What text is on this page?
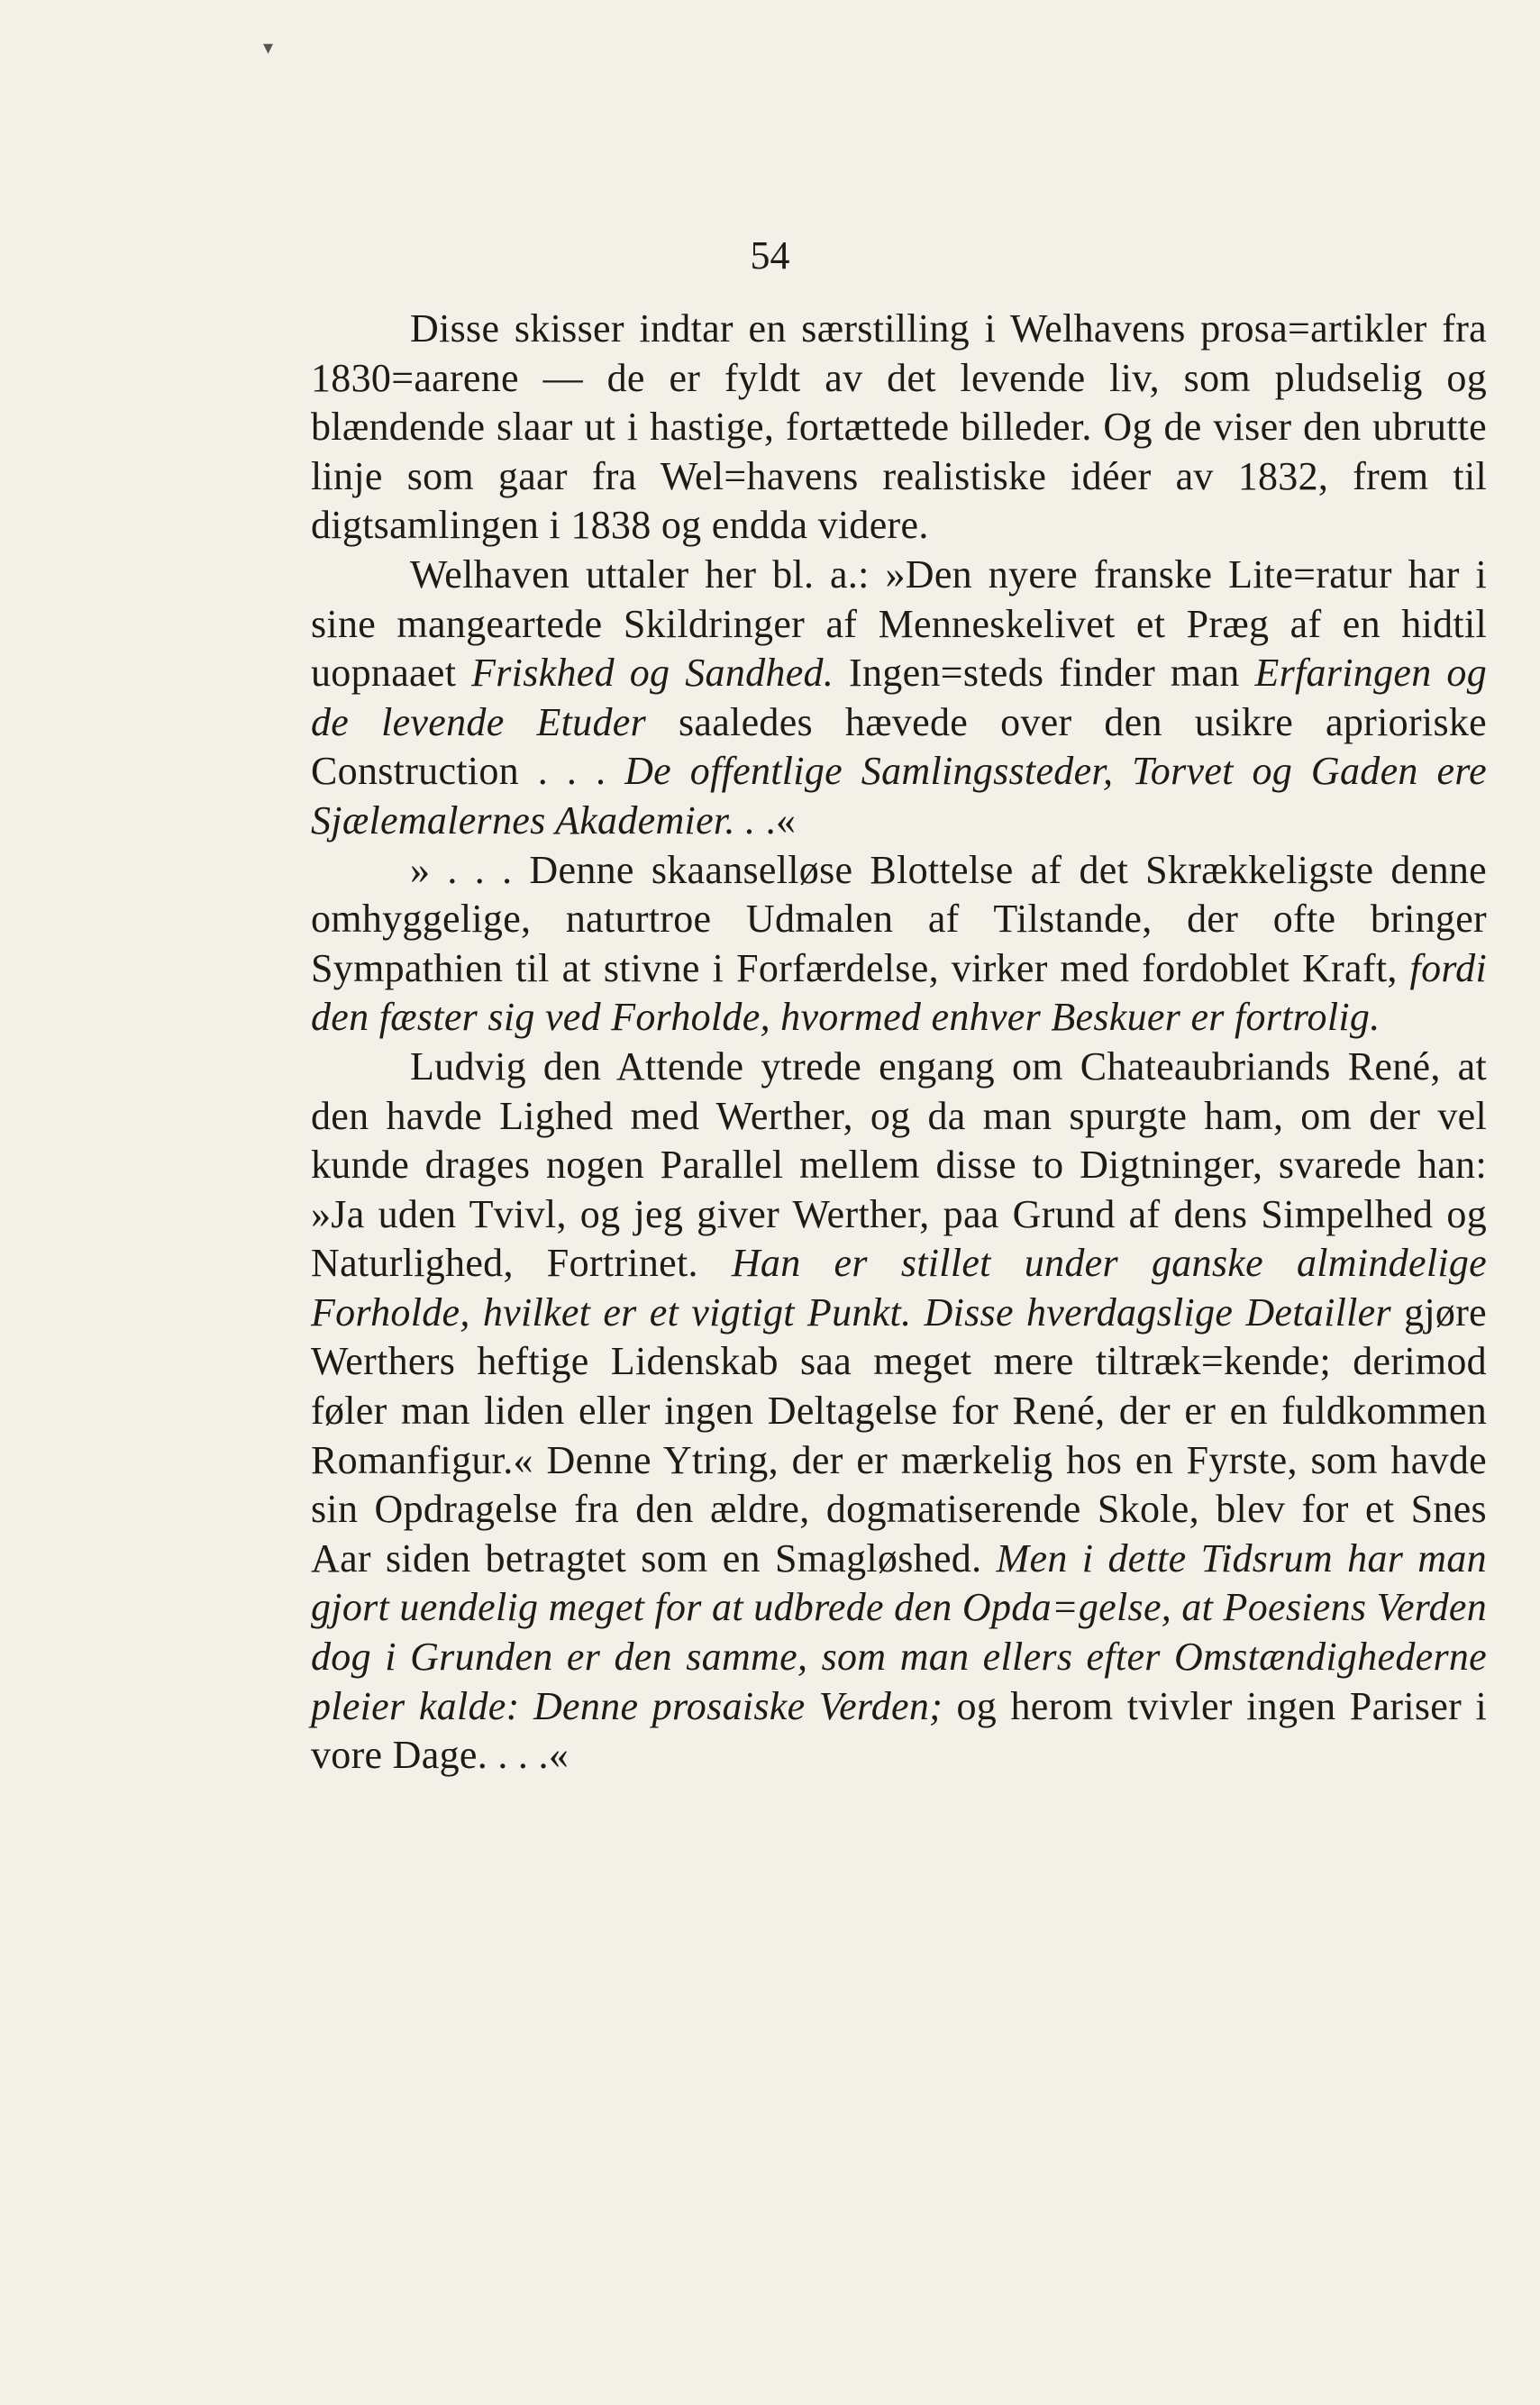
▾
54

Disse skisser indtar en særstilling i Welhavens prosa=artikler fra 1830=aarene — de er fyldt av det levende liv, som pludselig og blændende slaar ut i hastige, fortættede billeder. Og de viser den ubrutte linje som gaar fra Wel=havens realistiske idéer av 1832, frem til digtsamlingen i 1838 og endda videre.

Welhaven uttaler her bl. a.: »Den nyere franske Lite=ratur har i sine mangeartede Skildringer af Menneskelivet et Præg af en hidtil uopnaaet Friskhed og Sandhed. Ingen=steds finder man Erfaringen og de levende Etuder saaledes hævede over den usikre aprioriske Construction . . . De offentlige Samlingssteder, Torvet og Gaden ere Sjælemalernes Akademier. . .«

» . . . Denne skaanselløse Blottelse af det Skrækkeligste denne omhyggelige, naturtroe Udmalen af Tilstande, der ofte bringer Sympathien til at stivne i Forfærdelse, virker med fordoblet Kraft, fordi den fæster sig ved Forholde, hvormed enhver Beskuer er fortrolig.

Ludvig den Attende ytrede engang om Chateaubriands René, at den havde Lighed med Werther, og da man spurgte ham, om der vel kunde drages nogen Parallel mellem disse to Digtninger, svarede han: »Ja uden Tvivl, og jeg giver Werther, paa Grund af dens Simpelhed og Naturlighed, Fortrinet. Han er stillet under ganske almindelige Forholde, hvilket er et vigtigt Punkt. Disse hverdagslige Detailler gjøre Werthers heftige Lidenskab saa meget mere tiltræk=kende; derimod føler man liden eller ingen Deltagelse for René, der er en fuldkommen Romanfigur.« Denne Ytring, der er mærkelig hos en Fyrste, som havde sin Opdragelse fra den ældre, dogmatiserende Skole, blev for et Snes Aar siden betragtet som en Smagløshed. Men i dette Tidsrum har man gjort uendelig meget for at udbrede den Opda=gelse, at Poesiens Verden dog i Grunden er den samme, som man ellers efter Omstændighederne pleier kalde: Denne prosaiske Verden; og herom tvivler ingen Pariser i vore Dage. . . .«
